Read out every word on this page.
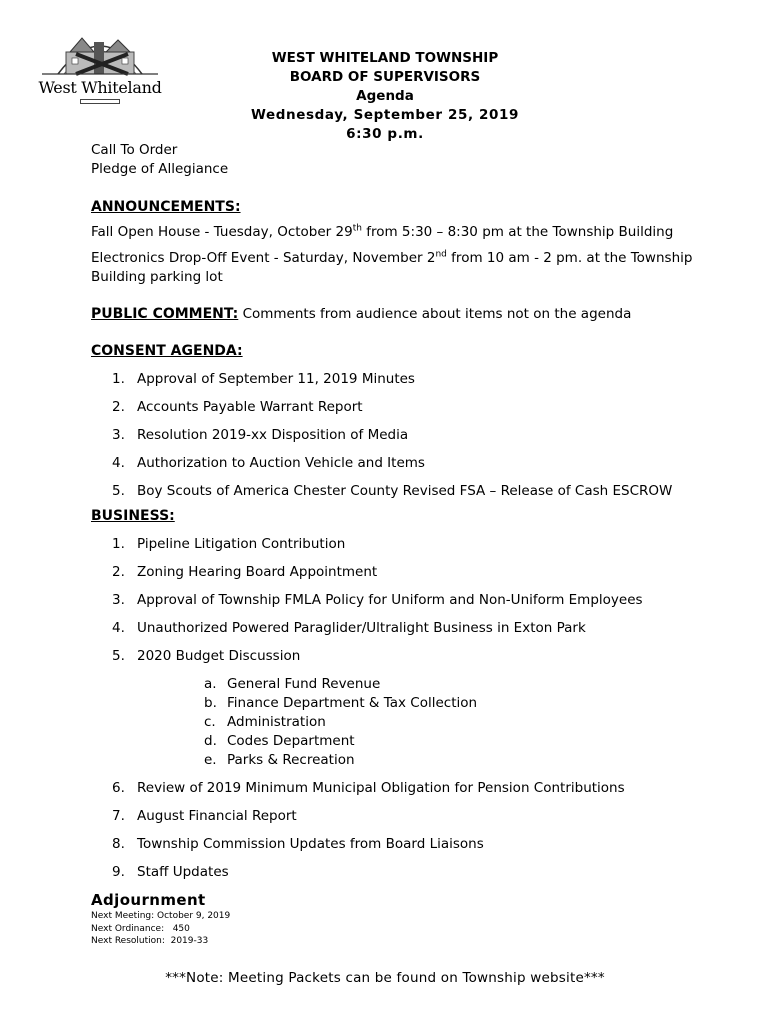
West Whiteland
WEST WHITELAND TOWNSHIP
BOARD OF SUPERVISORS
Agenda
Wednesday, September 25, 2019
6:30 p.m.
Call To Order
Pledge of Allegiance
ANNOUNCEMENTS:
Fall Open House - Tuesday, October 29th from 5:30 – 8:30 pm at the Township Building
Electronics Drop-Off Event - Saturday, November 2nd from 10 am - 2 pm. at the Township
Building parking lot
PUBLIC COMMENT: Comments from audience about items not on the agenda
CONSENT AGENDA:
1. Approval of September 11, 2019 Minutes
2. Accounts Payable Warrant Report
3. Resolution 2019-xx Disposition of Media
4. Authorization to Auction Vehicle and Items
5. Boy Scouts of America Chester County Revised FSA – Release of Cash ESCROW
BUSINESS:
1. Pipeline Litigation Contribution
2. Zoning Hearing Board Appointment
3. Approval of Township FMLA Policy for Uniform and Non-Uniform Employees
4. Unauthorized Powered Paraglider/Ultralight Business in Exton Park
5. 2020 Budget Discussion
a. General Fund Revenue
b. Finance Department & Tax Collection
c. Administration
d. Codes Department
e. Parks & Recreation
6. Review of 2019 Minimum Municipal Obligation for Pension Contributions
7. August Financial Report
8. Township Commission Updates from Board Liaisons
9. Staff Updates
Adjournment
Next Meeting: October 9, 2019
Next Ordinance:   450
Next Resolution:  2019-33
***Note: Meeting Packets can be found on Township website***
